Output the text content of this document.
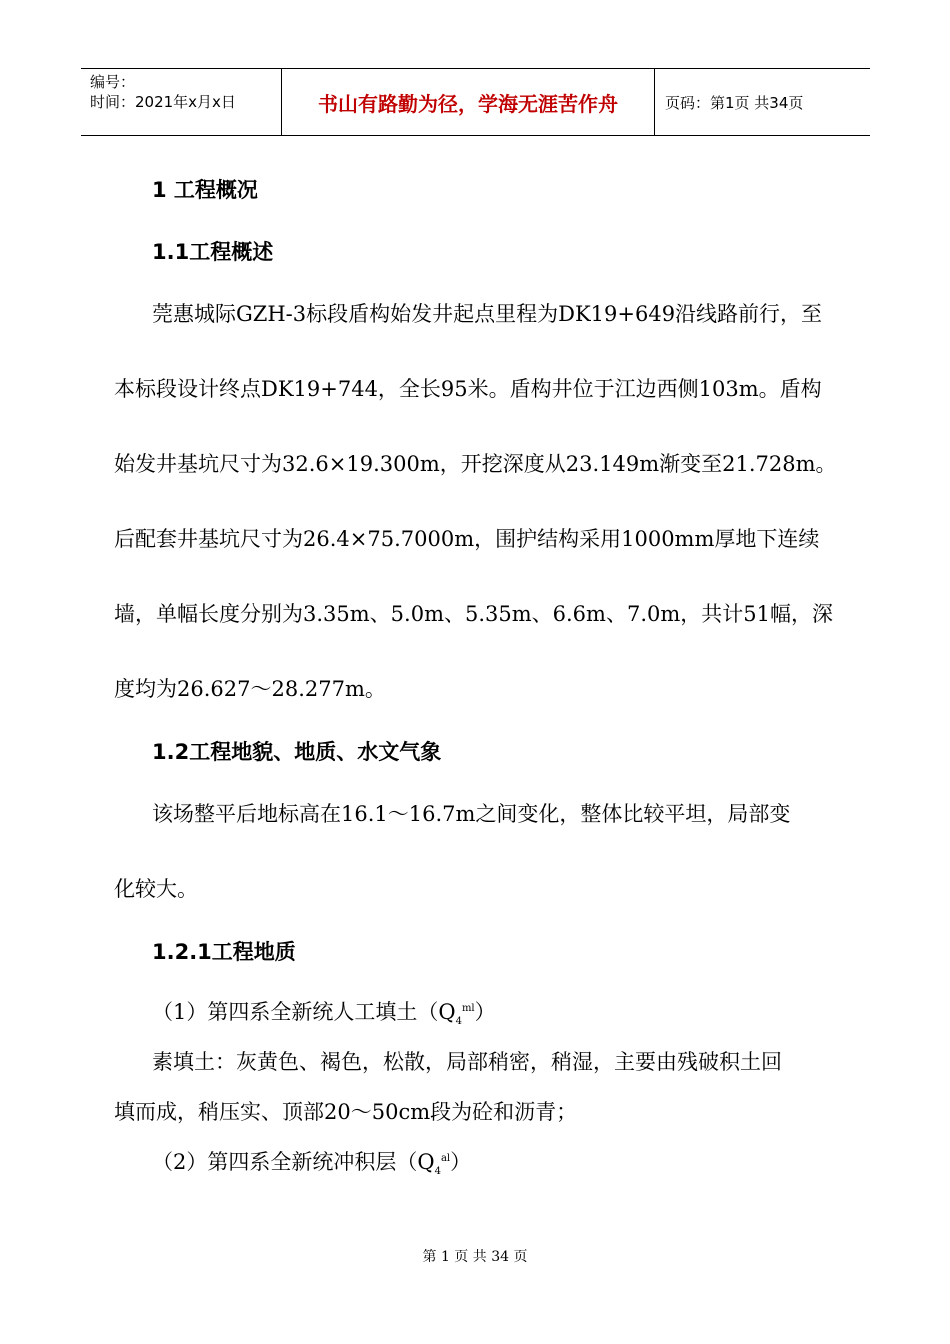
编号：
时间：2021年x月x日	书山有路勤为径，学海无涯苦作舟	页码：第1页 共34页
1 工程概况
1.1工程概述
莞惠城际GZH-3标段盾构始发井起点里程为DK19+649沿线路前行，至
本标段设计终点DK19+744，全长95米。盾构井位于江边西侧103m。盾构
始发井基坑尺寸为32.6×19.300m，开挖深度从23.149m渐变至21.728m。
后配套井基坑尺寸为26.4×75.7000m，围护结构采用1000mm厚地下连续
墙，单幅长度分别为3.35m、5.0m、5.35m、6.6m、7.0m，共计51幅，深
度均为26.627～28.277m。
1.2工程地貌、地质、水文气象
该场整平后地标高在16.1～16.7m之间变化，整体比较平坦，局部变
化较大。
1.2.1工程地质
（1）第四系全新统人工填土$(Q_4^{ml})$
素填土：灰黄色、褐色，松散，局部稍密，稍湿，主要由残破积土回
填而成，稍压实、顶部20～50cm段为砼和沥青；
（2）第四系全新统冲积层$(Q_4^{al})$
第 1 页 共 34 页
